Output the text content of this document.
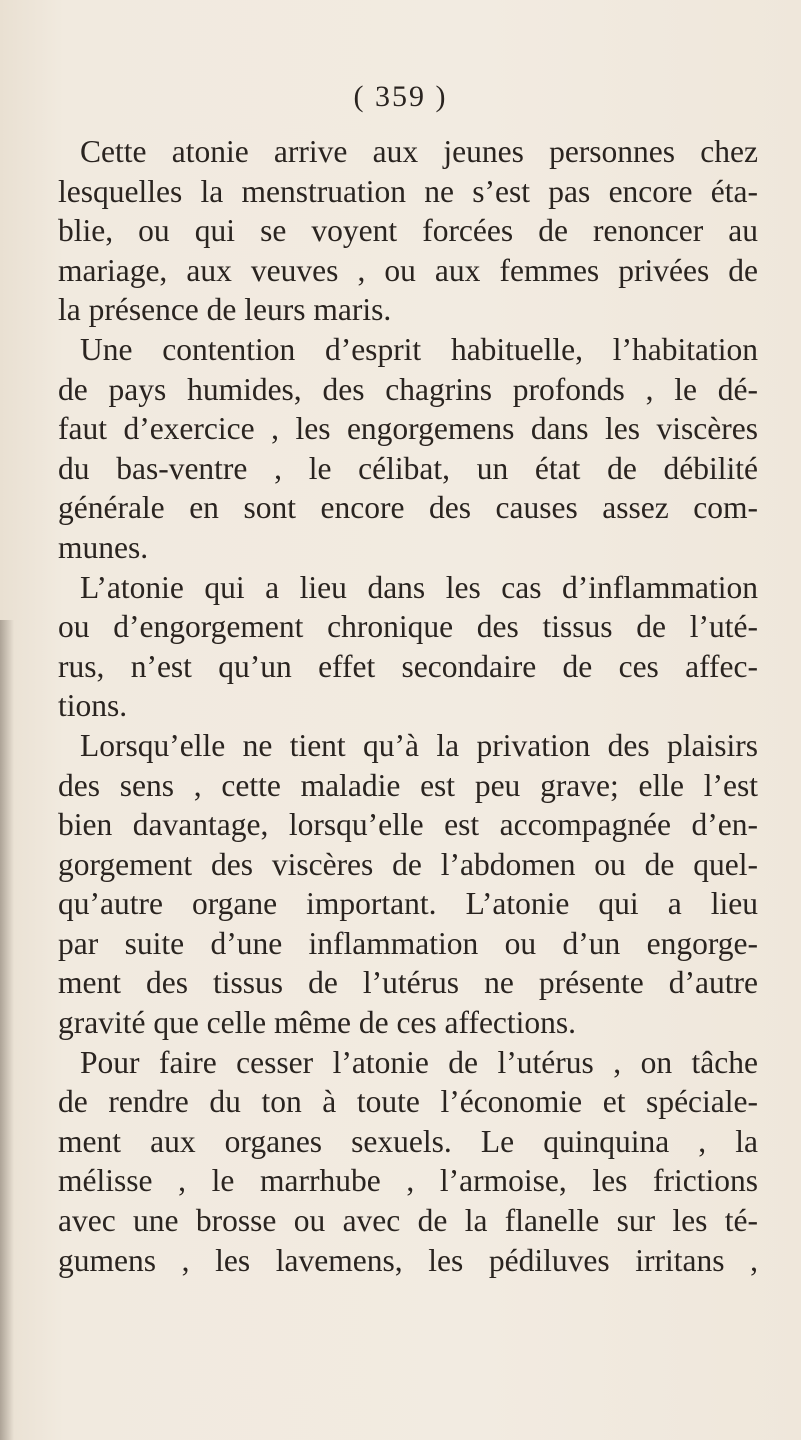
( 359 )
Cette atonie arrive aux jeunes personnes chez
lesquelles la menstruation ne s’est pas encore éta-
blie, ou qui se voyent forcées de renoncer au
mariage, aux veuves , ou aux femmes privées de
la présence de leurs maris.
Une contention d’esprit habituelle, l’habitation
de pays humides, des chagrins profonds , le dé-
faut d’exercice , les engorgemens dans les viscères
du bas-ventre , le célibat, un état de débilité
générale en sont encore des causes assez com-
munes.
L’atonie qui a lieu dans les cas d’inflammation
ou d’engorgement chronique des tissus de l’uté-
rus, n’est qu’un effet secondaire de ces affec-
tions.
Lorsqu’elle ne tient qu’à la privation des plaisirs
des sens , cette maladie est peu grave; elle l’est
bien davantage, lorsqu’elle est accompagnée d’en-
gorgement des viscères de l’abdomen ou de quel-
qu’autre organe important. L’atonie qui a lieu
par suite d’une inflammation ou d’un engorge-
ment des tissus de l’utérus ne présente d’autre
gravité que celle même de ces affections.
Pour faire cesser l’atonie de l’utérus , on tâche
de rendre du ton à toute l’économie et spéciale-
ment aux organes sexuels. Le quinquina , la
mélisse , le marrhube , l’armoise, les frictions
avec une brosse ou avec de la flanelle sur les té-
gumens , les lavemens, les pédiluves irritans ,
